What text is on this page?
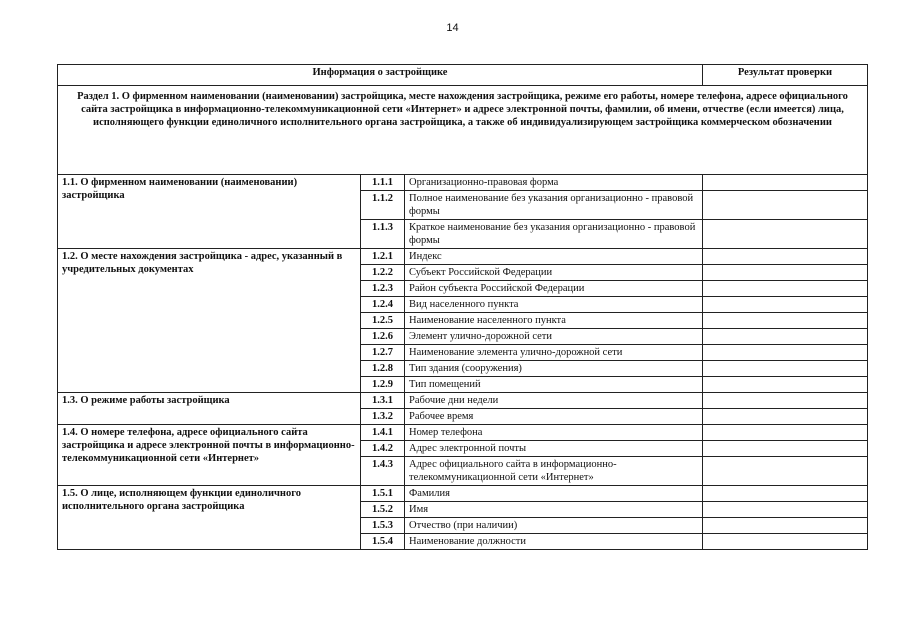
14
Информация о застройщике			Результат проверки
Раздел 1. О фирменном наименовании (наименовании) застройщика, месте нахождения застройщика, режиме его работы, номере телефона, адресе официального сайта застройщика в информационно-телекоммуникационной сети «Интернет» и адресе электронной почты, фамилии, об имени, отчестве (если имеется) лица, исполняющего функции единоличного исполнительного органа застройщика, а также об индивидуализирующем застройщика коммерческом обозначении			
1.1. О фирменном наименовании (наименовании) застройщика	1.1.1	Организационно-правовая форма	
	1.1.2	Полное наименование без указания организационно - правовой формы	
	1.1.3	Краткое наименование без указания организационно - правовой формы	
1.2. О месте нахождения застройщика - адрес, указанный в учредительных документах	1.2.1	Индекс	
	1.2.2	Субъект Российской Федерации	
	1.2.3	Район субъекта Российской Федерации	
	1.2.4	Вид населенного пункта	
	1.2.5	Наименование населенного пункта	
	1.2.6	Элемент улично-дорожной сети	
	1.2.7	Наименование элемента улично-дорожной сети	
	1.2.8	Тип здания (сооружения)	
	1.2.9	Тип помещений	
1.3. О режиме работы застройщика	1.3.1	Рабочие дни недели	
	1.3.2	Рабочее время	
1.4. О номере телефона, адресе официального сайта застройщика и адресе электронной почты в информационно-телекоммуникационной сети «Интернет»	1.4.1	Номер телефона	
	1.4.2	Адрес электронной почты	
	1.4.3	Адрес официального сайта в информационно-телекоммуникационной сети «Интернет»	
1.5. О лице, исполняющем функции единоличного исполнительного органа застройщика	1.5.1	Фамилия	
	1.5.2	Имя	
	1.5.3	Отчество (при наличии)	
	1.5.4	Наименование должности	
